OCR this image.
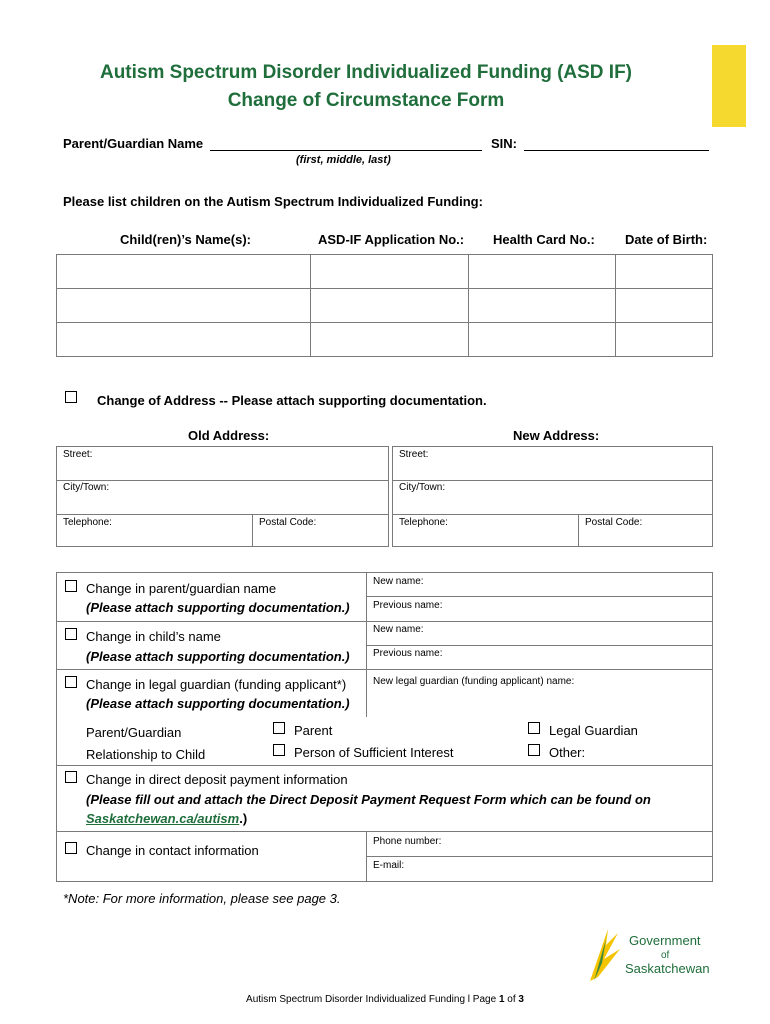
Autism Spectrum Disorder Individualized Funding (ASD IF)
Change of Circumstance Form
Parent/Guardian Name	SIN:
(first, middle, last)
Please list children on the Autism Spectrum Individualized Funding:
Child(ren)’s Name(s):	ASD-IF Application No.: Health Card No.: Date of Birth:

Change of Address -- Please attach supporting documentation.
Old Address:	New Address:
Street:
City/Town:
Telephone:	Postal Code:
Street:
City/Town:
Telephone:	Postal Code:
Change in parent/guardian name
(Please attach supporting documentation.)
New name:
Previous name:
Change in child’s name
(Please attach supporting documentation.)
New name:
Previous name:
Change in legal guardian (funding applicant*)
(Please attach supporting documentation.)
New legal guardian (funding applicant) name:
Parent/Guardian
Relationship to Child
Parent
Person of Sufficient Interest
Legal Guardian
Other:
Change in direct deposit payment information
(Please fill out and attach the Direct Deposit Payment Request Form which can be found on
Saskatchewan.ca/autism.)
Change in contact information
Phone number:
E-mail:
*Note: For more information, please see page 3.
Government
of
Saskatchewan
Autism Spectrum Disorder Individualized Funding l Page 1 of 3
